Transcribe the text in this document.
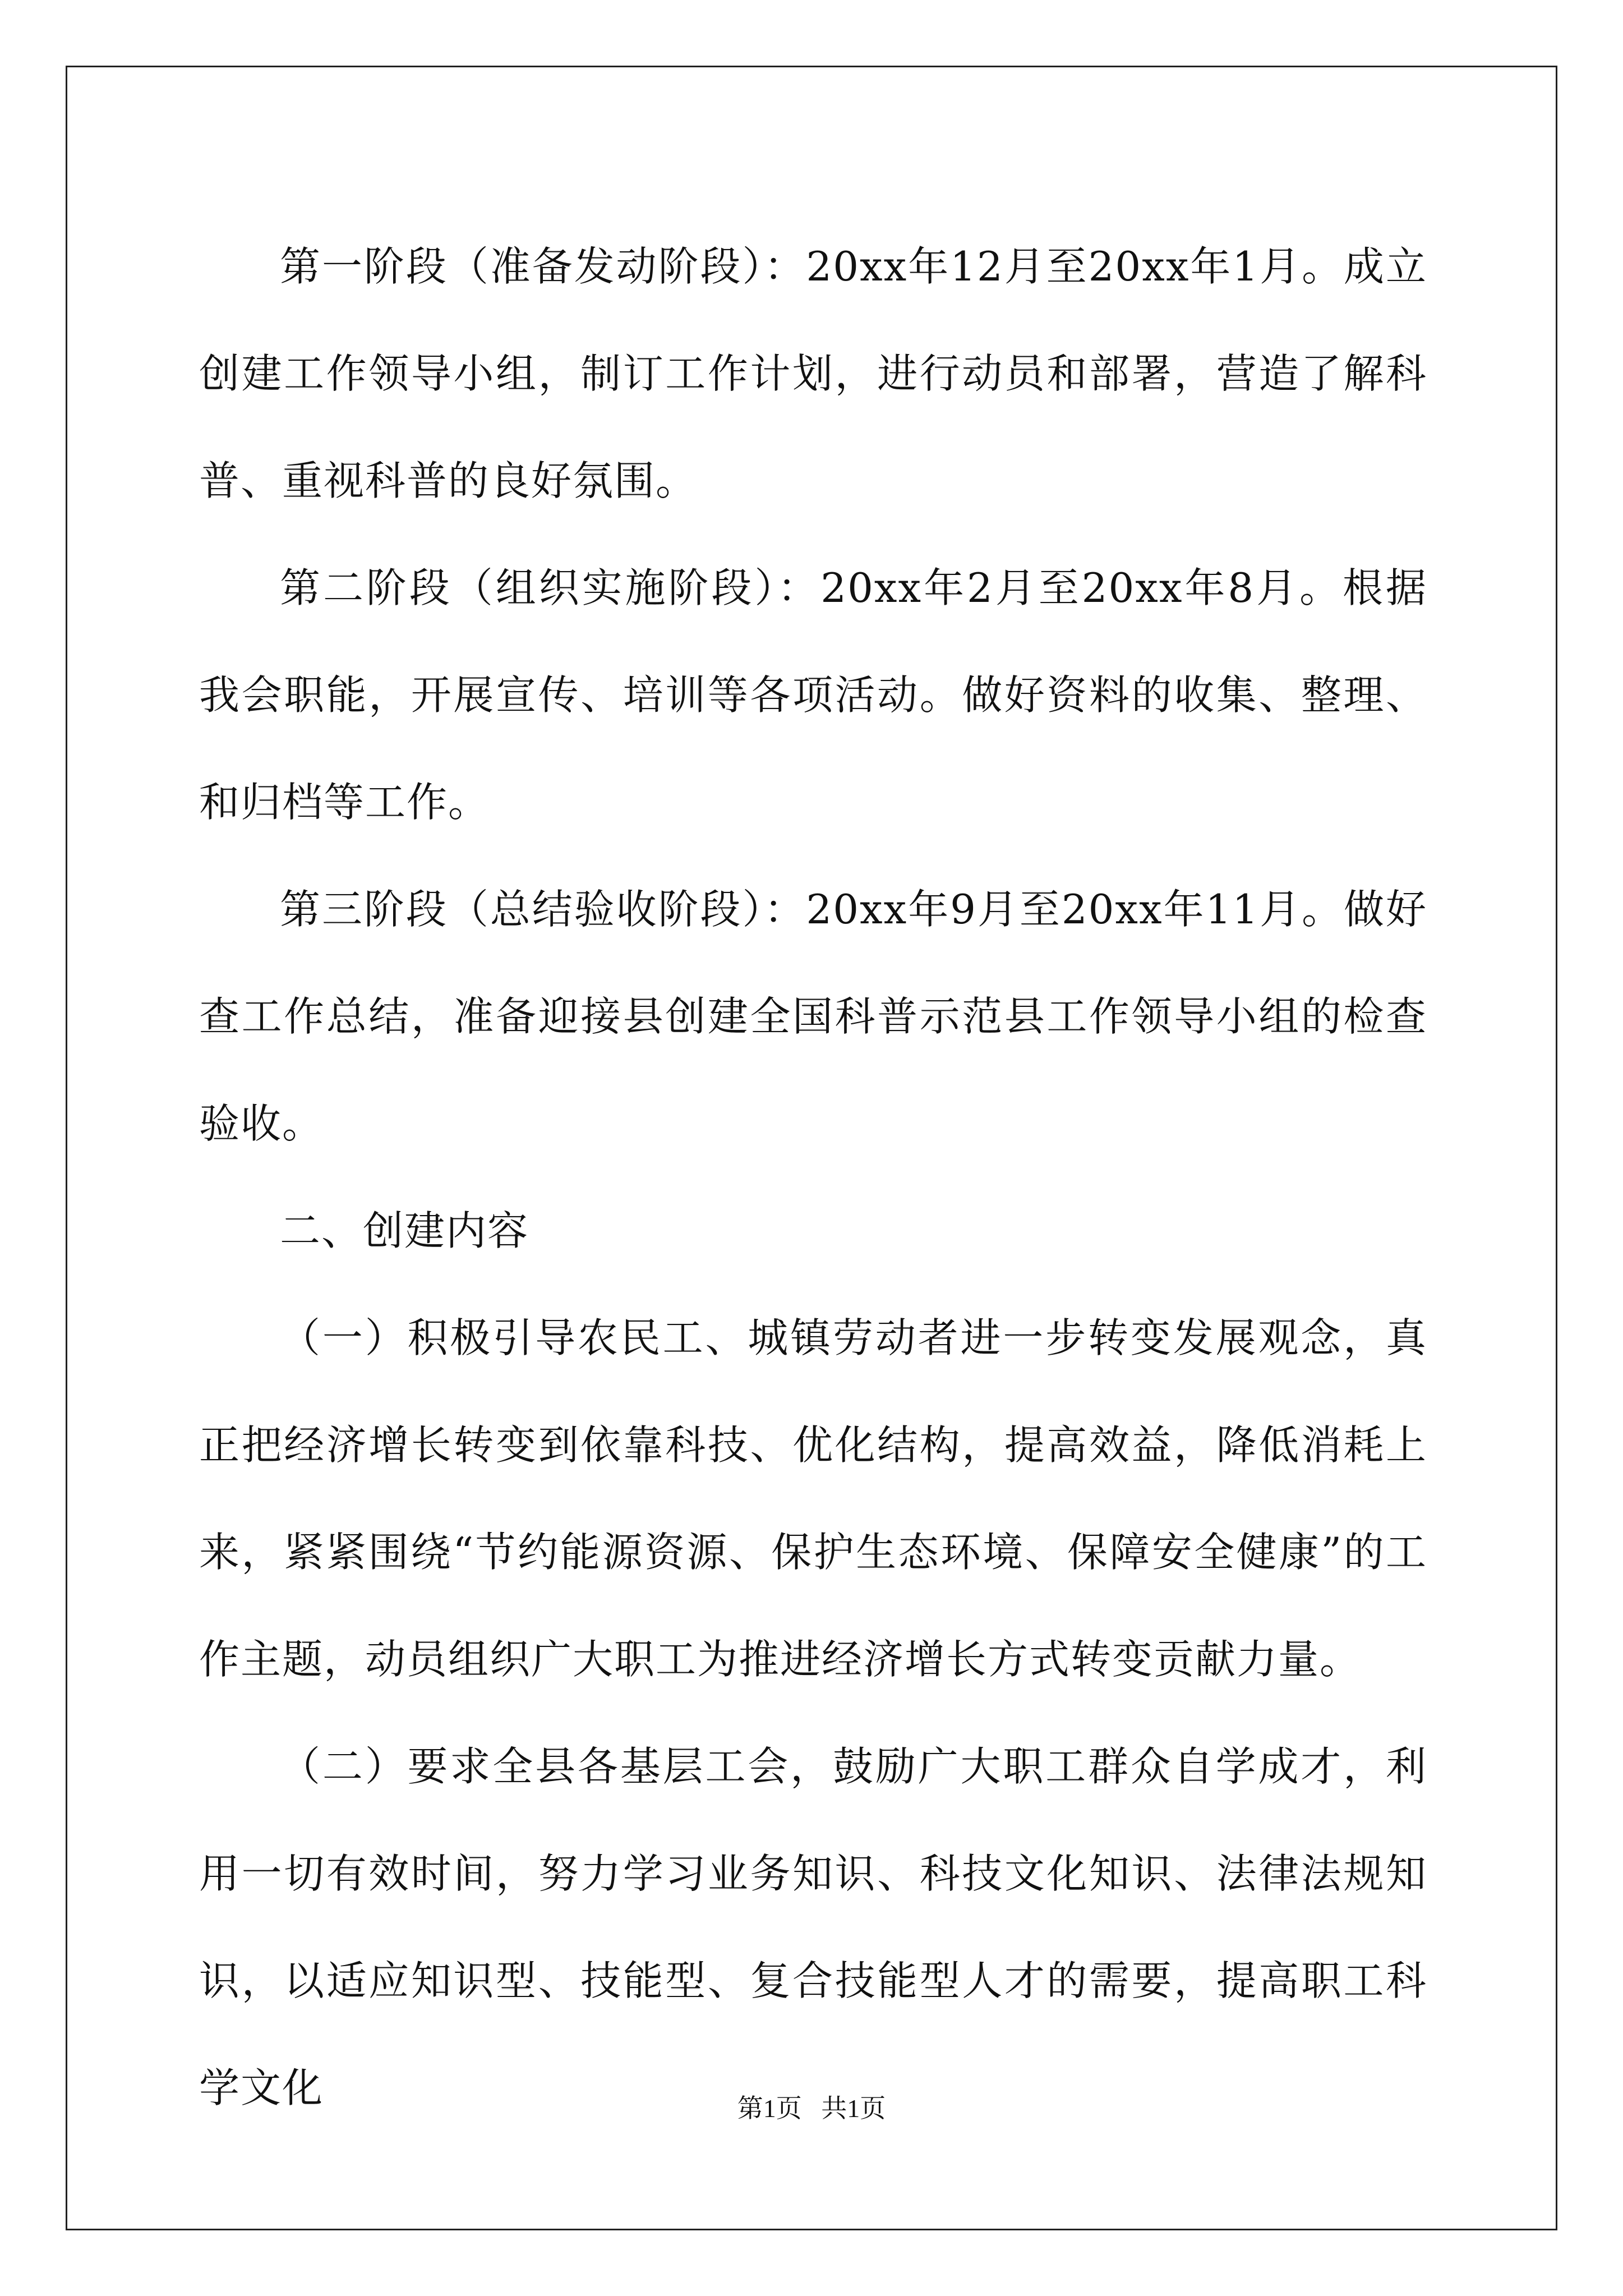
第一阶段（准备发动阶段）：20xx年12月至20xx年1月。成立创建工作领导小组，制订工作计划，进行动员和部署，营造了解科普、重视科普的良好氛围。

第二阶段（组织实施阶段）：20xx年2月至20xx年8月。根据我会职能，开展宣传、培训等各项活动。做好资料的收集、整理、和归档等工作。

第三阶段（总结验收阶段）：20xx年9月至20xx年11月。做好查工作总结，准备迎接县创建全国科普示范县工作领导小组的检查验收。

二、创建内容

（一）积极引导农民工、城镇劳动者进一步转变发展观念，真正把经济增长转变到依靠科技、优化结构，提高效益，降低消耗上来，紧紧围绕“节约能源资源、保护生态环境、保障安全健康”的工作主题，动员组织广大职工为推进经济增长方式转变贡献力量。

（二）要求全县各基层工会，鼓励广大职工群众自学成才，利用一切有效时间，努力学习业务知识、科技文化知识、法律法规知识，以适应知识型、技能型、复合技能型人才的需要，提高职工科学文化	第1页   共1页
